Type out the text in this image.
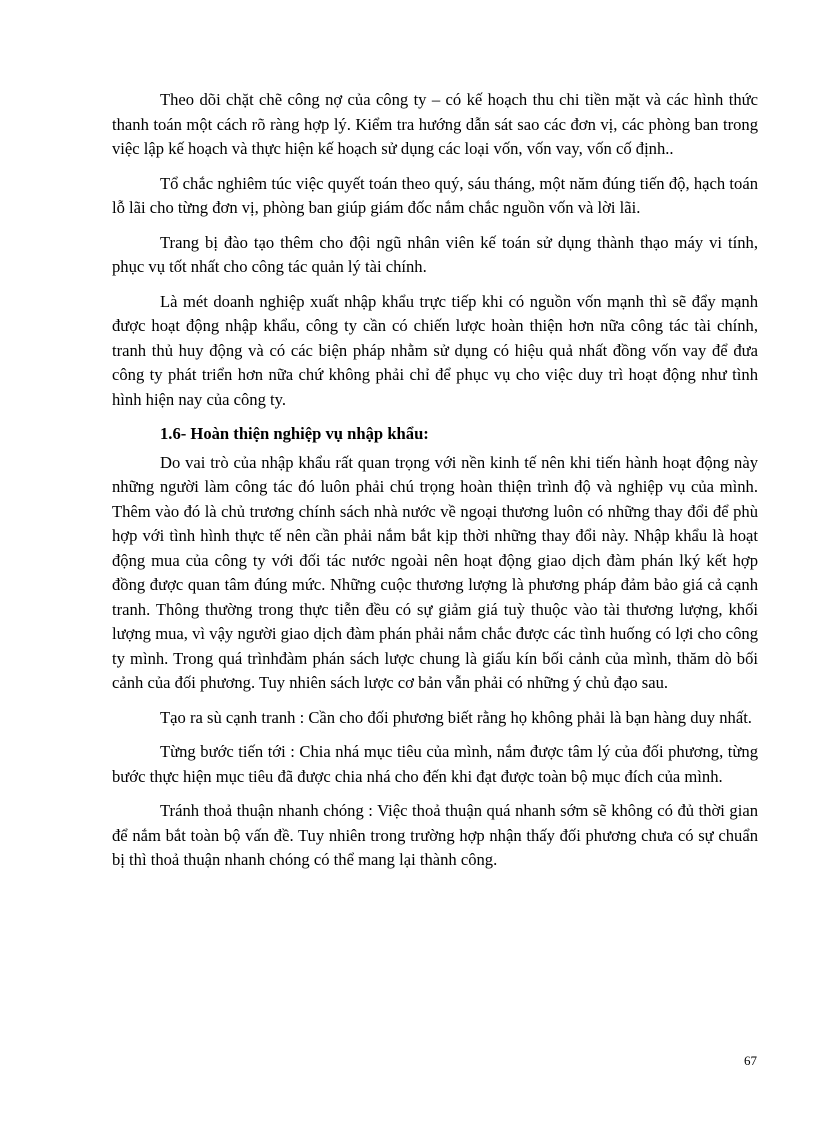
Theo dõi chặt chẽ công nợ của công ty – có kế hoạch thu chi tiền mặt và các hình thức thanh toán một cách rõ ràng hợp lý. Kiểm tra hướng dẫn sát sao các đơn vị, các phòng ban trong việc lập kế hoạch và thực hiện kế hoạch sử dụng các loại vốn, vốn vay, vốn cố định..

Tổ chắc nghiêm túc việc quyết toán theo quý, sáu tháng, một năm đúng tiến độ, hạch toán lỗ lãi cho từng đơn vị, phòng ban giúp giám đốc nắm chắc nguồn vốn và lời lãi.

Trang bị đào tạo thêm cho đội ngũ nhân viên kế toán sử dụng thành thạo máy vi tính, phục vụ tốt nhất cho công tác quản lý tài chính.

Là mét doanh nghiệp xuất nhập khẩu trực tiếp khi có nguồn vốn mạnh thì sẽ đẩy mạnh được hoạt động nhập khẩu, công ty cần có chiến lược hoàn thiện hơn nữa công tác tài chính, tranh thủ huy động và có các biện pháp nhằm sử dụng có hiệu quả nhất đồng vốn vay để đưa công ty phát triển hơn nữa chứ không phải chỉ để phục vụ cho việc duy trì hoạt động như tình hình hiện nay của công ty.

1.6- Hoàn thiện nghiệp vụ nhập khẩu:

Do vai trò của nhập khẩu rất quan trọng với nền kinh tế nên khi tiến hành hoạt động này những người làm công tác đó luôn phải chú trọng hoàn thiện trình độ và nghiệp vụ của mình. Thêm vào đó là chủ trương chính sách nhà nước về ngoại thương luôn có những thay đổi để phù hợp với tình hình thực tế nên cần phải nắm bắt kịp thời những thay đổi này. Nhập khẩu là hoạt động mua của công ty với đối tác nước ngoài nên hoạt động giao dịch đàm phán lký kết hợp đồng được quan tâm đúng mức. Những cuộc thương lượng là phương pháp đảm bảo giá cả cạnh tranh. Thông thường trong thực tiễn đều có sự giảm giá tuỳ thuộc vào tài thương lượng, khối lượng mua, vì vậy người giao dịch đàm phán phải nắm chắc được các tình huống có lợi cho công ty mình. Trong quá trìnhđàm phán sách lược chung là giấu kín bối cảnh của mình, thăm dò bối cảnh của đối phương. Tuy nhiên sách lược cơ bản vẫn phải có những ý chủ đạo sau.

Tạo ra sù cạnh tranh : Cần cho đối phương biết rằng họ không phải là bạn hàng duy nhất.

Từng bước tiến tới : Chia nhá mục tiêu của mình, nắm được tâm lý của đối phương, từng bước thực hiện mục tiêu đã được chia nhá cho đến khi đạt được toàn bộ mục đích của mình.

Tránh thoả thuận nhanh chóng : Việc thoả thuận quá nhanh sớm sẽ không có đủ thời gian để nắm bắt toàn bộ vấn đề. Tuy nhiên trong trường hợp nhận thấy đối phương chưa có sự chuẩn bị thì thoả thuận nhanh chóng có thể mang lại thành công.

67
